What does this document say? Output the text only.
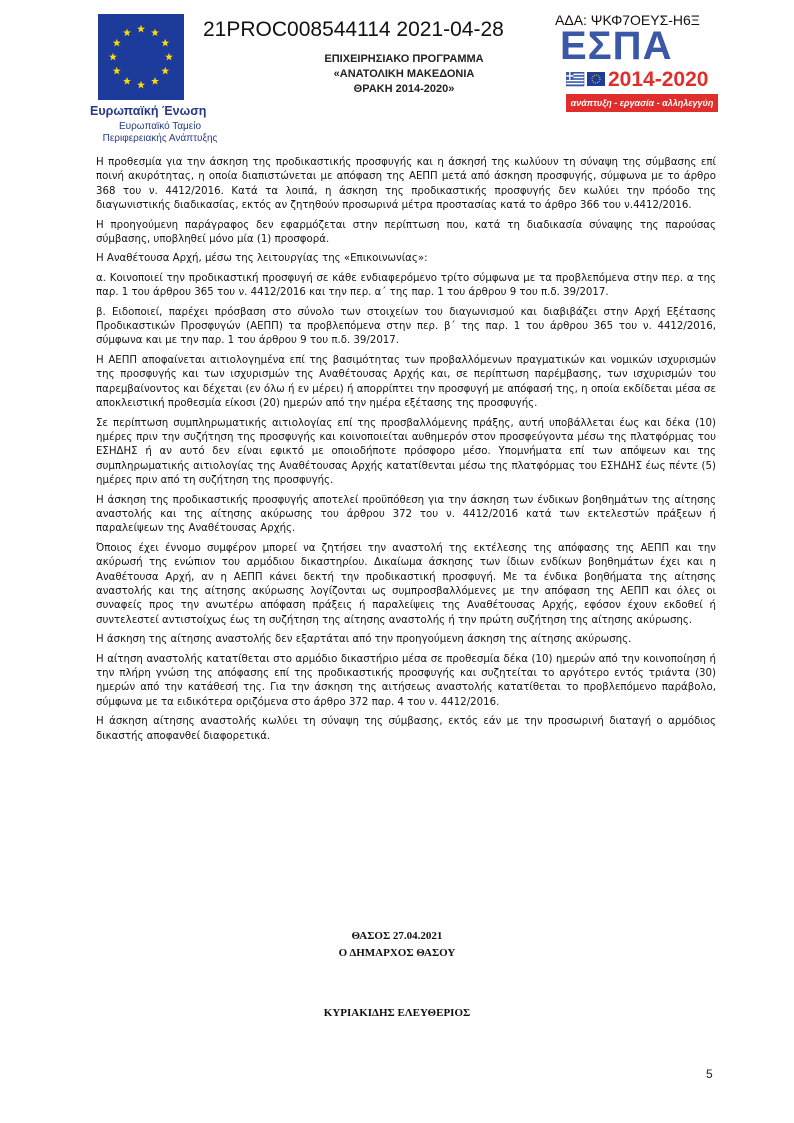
Ευρωπαϊκή Ένωση
Ευρωπαϊκό Ταμείο
Περιφερειακής Ανάπτυξης
21PROC008544114 2021-04-28	ΑΔΑ: ΨΚΦ7ΟΕΥΣ-Η6Ξ
ΕΠΙΧΕΙΡΗΣΙΑΚΟ ΠΡΟΓΡΑΜΜΑ
«ΑΝΑΤΟΛΙΚΗ ΜΑΚΕΔΟΝΙΑ
ΘΡΑΚΗ 2014-2020»
ΕΣΠΑ
2014-2020
ανάπτυξη - εργασία - αλληλεγγύη

Η προθεσμία για την άσκηση της προδικαστικής προσφυγής και η άσκησή της κωλύουν τη σύναψη της σύμβασης επί ποινή ακυρότητας, η οποία διαπιστώνεται με απόφαση της ΑΕΠΠ μετά από άσκηση προσφυγής, σύμφωνα με το άρθρο 368 του ν. 4412/2016. Κατά τα λοιπά, η άσκηση της προδικαστικής προσφυγής δεν κωλύει την πρόοδο της διαγωνιστικής διαδικασίας, εκτός αν ζητηθούν προσωρινά μέτρα προστασίας κατά το άρθρο 366 του ν.4412/2016.

Η προηγούμενη παράγραφος δεν εφαρμόζεται στην περίπτωση που, κατά τη διαδικασία σύναψης της παρούσας σύμβασης, υποβληθεί μόνο μία (1) προσφορά.

Η Αναθέτουσα Αρχή, μέσω της λειτουργίας της «Επικοινωνίας»:

α. Κοινοποιεί την προδικαστική προσφυγή σε κάθε ενδιαφερόμενο τρίτο σύμφωνα με τα προβλεπόμενα στην περ. α της παρ. 1 του άρθρου 365 του ν. 4412/2016 και την περ. α΄ της παρ. 1 του άρθρου 9 του π.δ. 39/2017.

β. Ειδοποιεί, παρέχει πρόσβαση στο σύνολο των στοιχείων του διαγωνισμού και διαβιβάζει στην Αρχή Εξέτασης Προδικαστικών Προσφυγών (ΑΕΠΠ) τα προβλεπόμενα στην περ. β΄ της παρ. 1 του άρθρου 365 του ν. 4412/2016, σύμφωνα και με την παρ. 1 του άρθρου 9 του π.δ. 39/2017.

Η ΑΕΠΠ αποφαίνεται αιτιολογημένα επί της βασιμότητας των προβαλλόμενων πραγματικών και νομικών ισχυρισμών της προσφυγής και των ισχυρισμών της Αναθέτουσας Αρχής και, σε περίπτωση παρέμβασης, των ισχυρισμών του παρεμβαίνοντος και δέχεται (εν όλω ή εν μέρει) ή απορρίπτει την προσφυγή με απόφασή της, η οποία εκδίδεται μέσα σε αποκλειστική προθεσμία είκοσι (20) ημερών από την ημέρα εξέτασης της προσφυγής.

Σε περίπτωση συμπληρωματικής αιτιολογίας επί της προσβαλλόμενης πράξης, αυτή υποβάλλεται έως και δέκα (10) ημέρες πριν την συζήτηση της προσφυγής και κοινοποιείται αυθημερόν στον προσφεύγοντα μέσω της πλατφόρμας του ΕΣΗΔΗΣ ή αν αυτό δεν είναι εφικτό με οποιοδήποτε πρόσφορο μέσο. Υπομνήματα επί των απόψεων και της συμπληρωματικής αιτιολογίας της Αναθέτουσας Αρχής κατατίθενται μέσω της πλατφόρμας του ΕΣΗΔΗΣ έως πέντε (5) ημέρες πριν από τη συζήτηση της προσφυγής.

Η άσκηση της προδικαστικής προσφυγής αποτελεί προϋπόθεση για την άσκηση των ένδικων βοηθημάτων της αίτησης αναστολής και της αίτησης ακύρωσης του άρθρου 372 του ν. 4412/2016 κατά των εκτελεστών πράξεων ή παραλείψεων της Αναθέτουσας Αρχής.

Όποιος έχει έννομο συμφέρον μπορεί να ζητήσει την αναστολή της εκτέλεσης της απόφασης της ΑΕΠΠ και την ακύρωσή της ενώπιον του αρμόδιου δικαστηρίου. Δικαίωμα άσκησης των ίδιων ενδίκων βοηθημάτων έχει και η Αναθέτουσα Αρχή, αν η ΑΕΠΠ κάνει δεκτή την προδικαστική προσφυγή. Με τα ένδικα βοηθήματα της αίτησης αναστολής και της αίτησης ακύρωσης λογίζονται ως συμπροσβαλλόμενες με την απόφαση της ΑΕΠΠ και όλες οι συναφείς προς την ανωτέρω απόφαση πράξεις ή παραλείψεις της Αναθέτουσας Αρχής, εφόσον έχουν εκδοθεί ή συντελεστεί αντιστοίχως έως τη συζήτηση της αίτησης αναστολής ή την πρώτη συζήτηση της αίτησης ακύρωσης.

Η άσκηση της αίτησης αναστολής δεν εξαρτάται από την προηγούμενη άσκηση της αίτησης ακύρωσης.

Η αίτηση αναστολής κατατίθεται στο αρμόδιο δικαστήριο μέσα σε προθεσμία δέκα (10) ημερών από την κοινοποίηση ή την πλήρη γνώση της απόφασης επί της προδικαστικής προσφυγής και συζητείται το αργότερο εντός τριάντα (30) ημερών από την κατάθεσή της. Για την άσκηση της αιτήσεως αναστολής κατατίθεται το προβλεπόμενο παράβολο, σύμφωνα με τα ειδικότερα οριζόμενα στο άρθρο 372 παρ. 4 του ν. 4412/2016.

Η άσκηση αίτησης αναστολής κωλύει τη σύναψη της σύμβασης, εκτός εάν με την προσωρινή διαταγή ο αρμόδιος δικαστής αποφανθεί διαφορετικά.

ΘΑΣΟΣ 27.04.2021
Ο ΔΗΜΑΡΧΟΣ ΘΑΣΟΥ
ΚΥΡΙΑΚΙΔΗΣ ΕΛΕΥΘΕΡΙΟΣ
5
